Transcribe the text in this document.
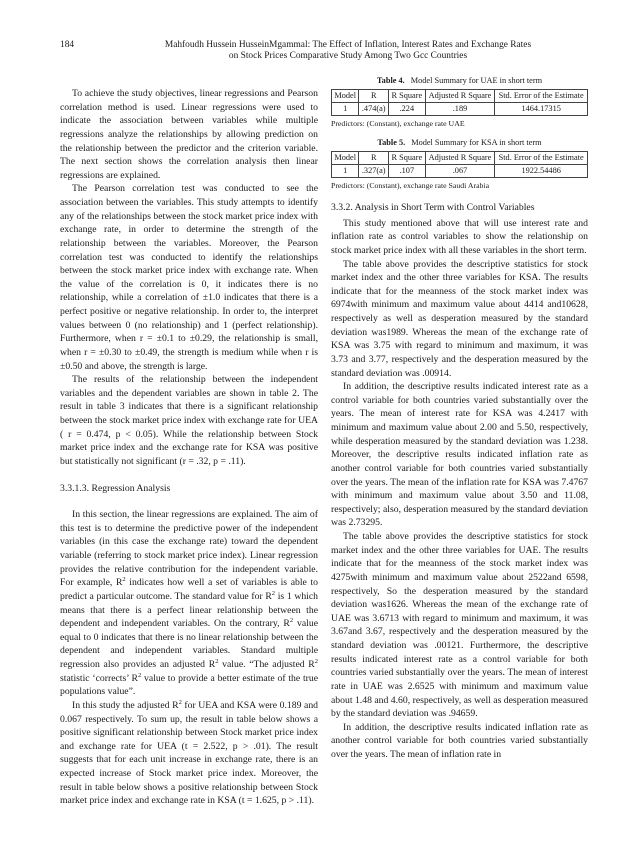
184	Mahfoudh Hussein HusseinMgammal: The Effect of Inflation, Interest Rates and Exchange Rates
on Stock Prices Comparative Study Among Two Gcc Countries

To achieve the study objectives, linear regressions and Pearson correlation method is used. Linear regressions were used to indicate the association between variables while multiple regressions analyze the relationships by allowing prediction on the relationship between the predictor and the criterion variable. The next section shows the correlation analysis then linear regressions are explained.

The Pearson correlation test was conducted to see the association between the variables. This study attempts to identify any of the relationships between the stock market price index with exchange rate, in order to determine the strength of the relationship between the variables. Moreover, the Pearson correlation test was conducted to identify the relationships between the stock market price index with exchange rate. When the value of the correlation is 0, it indicates there is no relationship, while a correlation of ±1.0 indicates that there is a perfect positive or negative relationship. In order to, the interpret values between 0 (no relationship) and 1 (perfect relationship). Furthermore, when r = ±0.1 to ±0.29, the relationship is small, when r = ±0.30 to ±0.49, the strength is medium while when r is ±0.50 and above, the strength is large.

The results of the relationship between the independent variables and the dependent variables are shown in table 2. The result in table 3 indicates that there is a significant relationship between the stock market price index with exchange rate for UEA ( r = 0.474, p < 0.05). While the relationship between Stock market price index and the exchange rate for KSA was positive but statistically not significant (r = .32, p = .11).

3.3.1.3. Regression Analysis

In this section, the linear regressions are explained. The aim of this test is to determine the predictive power of the independent variables (in this case the exchange rate) toward the dependent variable (referring to stock market price index). Linear regression provides the relative contribution for the independent variable. For example, $R^2$ indicates how well a set of variables is able to predict a particular outcome. The standard value for $R^2$ is 1 which means that there is a perfect linear relationship between the dependent and independent variables. On the contrary, $R^2$ value equal to 0 indicates that there is no linear relationship between the dependent and independent variables. Standard multiple regression also provides an adjusted $R^2$ value. “The adjusted $R^2$ statistic ‘corrects’ $R^2$ value to provide a better estimate of the true populations value”.

In this study the adjusted $R^2$ for UEA and KSA were 0.189 and 0.067 respectively. To sum up, the result in table below shows a positive significant relationship between Stock market price index and exchange rate for UEA (t = 2.522, p > .01). The result suggests that for each unit increase in exchange rate, there is an expected increase of Stock market price index. Moreover, the result in table below shows a positive relationship between Stock market price index and exchange rate in KSA (t = 1.625, p > .11).

Table 4. Model Summary for UAE in short term
Model	R	R Square	Adjusted R Square	Std. Error of the Estimate
1	.474(a)	.224	.189	1464.17315
Predictors: (Constant), exchange rate UAE
Table 5. Model Summary for KSA in short term
Model	R	R Square	Adjusted R Square	Std. Error of the Estimate
1	.327(a)	.107	.067	1922.54486
Predictors: (Constant), exchange rate Saudi Arabia

3.3.2. Analysis in Short Term with Control Variables

This study mentioned above that will use interest rate and inflation rate as control variables to show the relationship on stock market price index with all these variables in the short term.

The table above provides the descriptive statistics for stock market index and the other three variables for KSA. The results indicate that for the meanness of the stock market index was 6974with minimum and maximum value about 4414 and10628, respectively as well as desperation measured by the standard deviation was1989. Whereas the mean of the exchange rate of KSA was 3.75 with regard to minimum and maximum, it was 3.73 and 3.77, respectively and the desperation measured by the standard deviation was .00914.

In addition, the descriptive results indicated interest rate as a control variable for both countries varied substantially over the years. The mean of interest rate for KSA was 4.2417 with minimum and maximum value about 2.00 and 5.50, respectively, while desperation measured by the standard deviation was 1.238. Moreover, the descriptive results indicated inflation rate as another control variable for both countries varied substantially over the years. The mean of the inflation rate for KSA was 7.4767 with minimum and maximum value about 3.50 and 11.08, respectively; also, desperation measured by the standard deviation was 2.73295.

The table above provides the descriptive statistics for stock market index and the other three variables for UAE. The results indicate that for the meanness of the stock market index was 4275with minimum and maximum value about 2522and 6598, respectively, So the desperation measured by the standard deviation was1626. Whereas the mean of the exchange rate of UAE was 3.6713 with regard to minimum and maximum, it was 3.67and 3.67, respectively and the desperation measured by the standard deviation was .00121. Furthermore, the descriptive results indicated interest rate as a control variable for both countries varied substantially over the years. The mean of interest rate in UAE was 2.6525 with minimum and maximum value about 1.48 and 4.60, respectively, as well as desperation measured by the standard deviation was .94659.

In addition, the descriptive results indicated inflation rate as another control variable for both countries varied substantially over the years. The mean of inflation rate in
